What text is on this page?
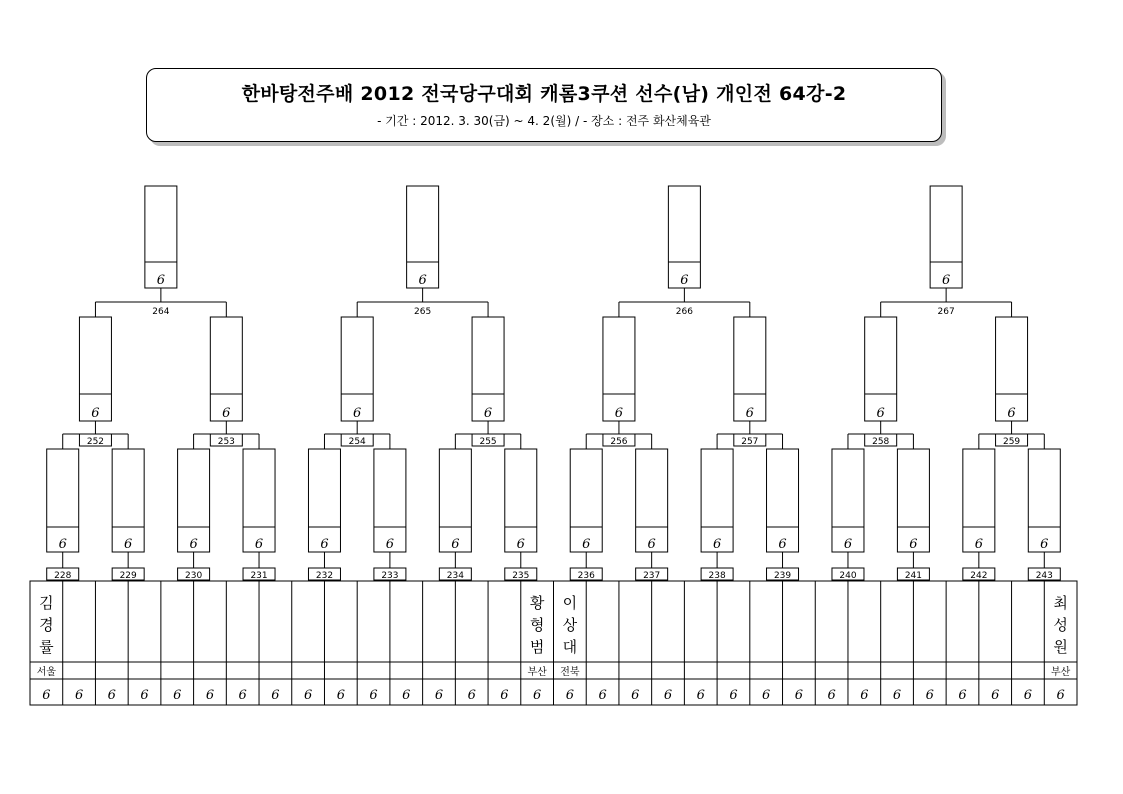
한바탕전주배 2012 전국당구대회 캐롬3쿠션 선수(남) 개인전 64강-2
- 기간 : 2012. 3. 30(금) ~ 4. 2(월) / - 장소 : 전주 화산체육관
6 6 6 6 6 6 6 6 6 6 6 6 6 6 6 6 6 6 6 6 6 6 6 6 6 6 6 6 6 6 6 6
김
경
률
서울
황
형
범
부산
이
상
대
전북
최
성
원
부산
6
228
6
229
6
230
6
231
6
232
6
233
6
234
6
235
6
236
6
237
6
238
6
239
6
240
6
241
6
242
6
243
252
6
253
6
254
6
255
6
256
6
257
6
258
6
259
6
264
6
265
6
266
6
267
6
